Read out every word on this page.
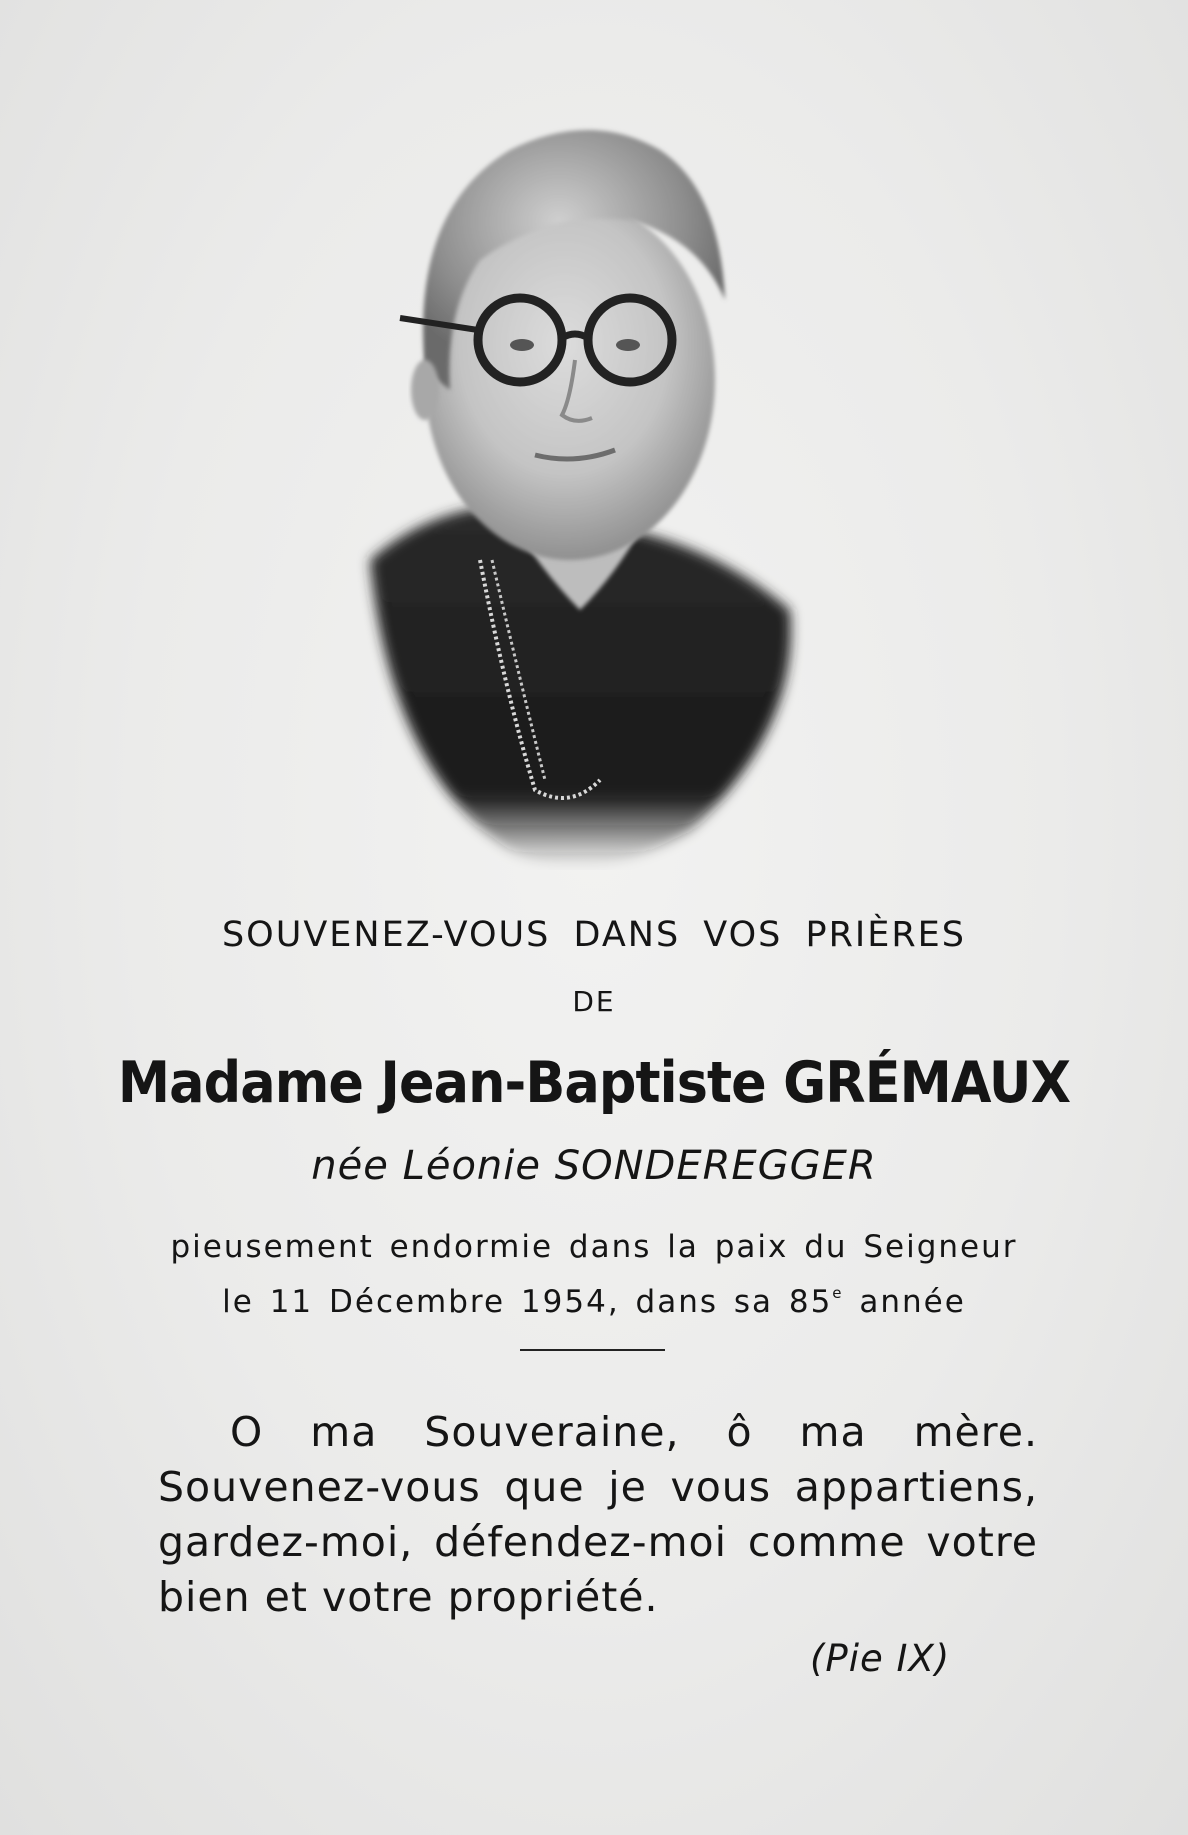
SOUVENEZ-VOUS DANS VOS PRIÈRES
DE
Madame Jean-Baptiste GRÉMAUX
née Léonie SONDEREGGER
pieusement endormie dans la paix du Seigneur
le 11 Décembre 1954, dans sa 85e année
O ma Souveraine, ô ma mère. Souvenez-vous que je vous appartiens, gardez-moi, défendez-moi comme votre bien et votre propriété.
(Pie IX)
